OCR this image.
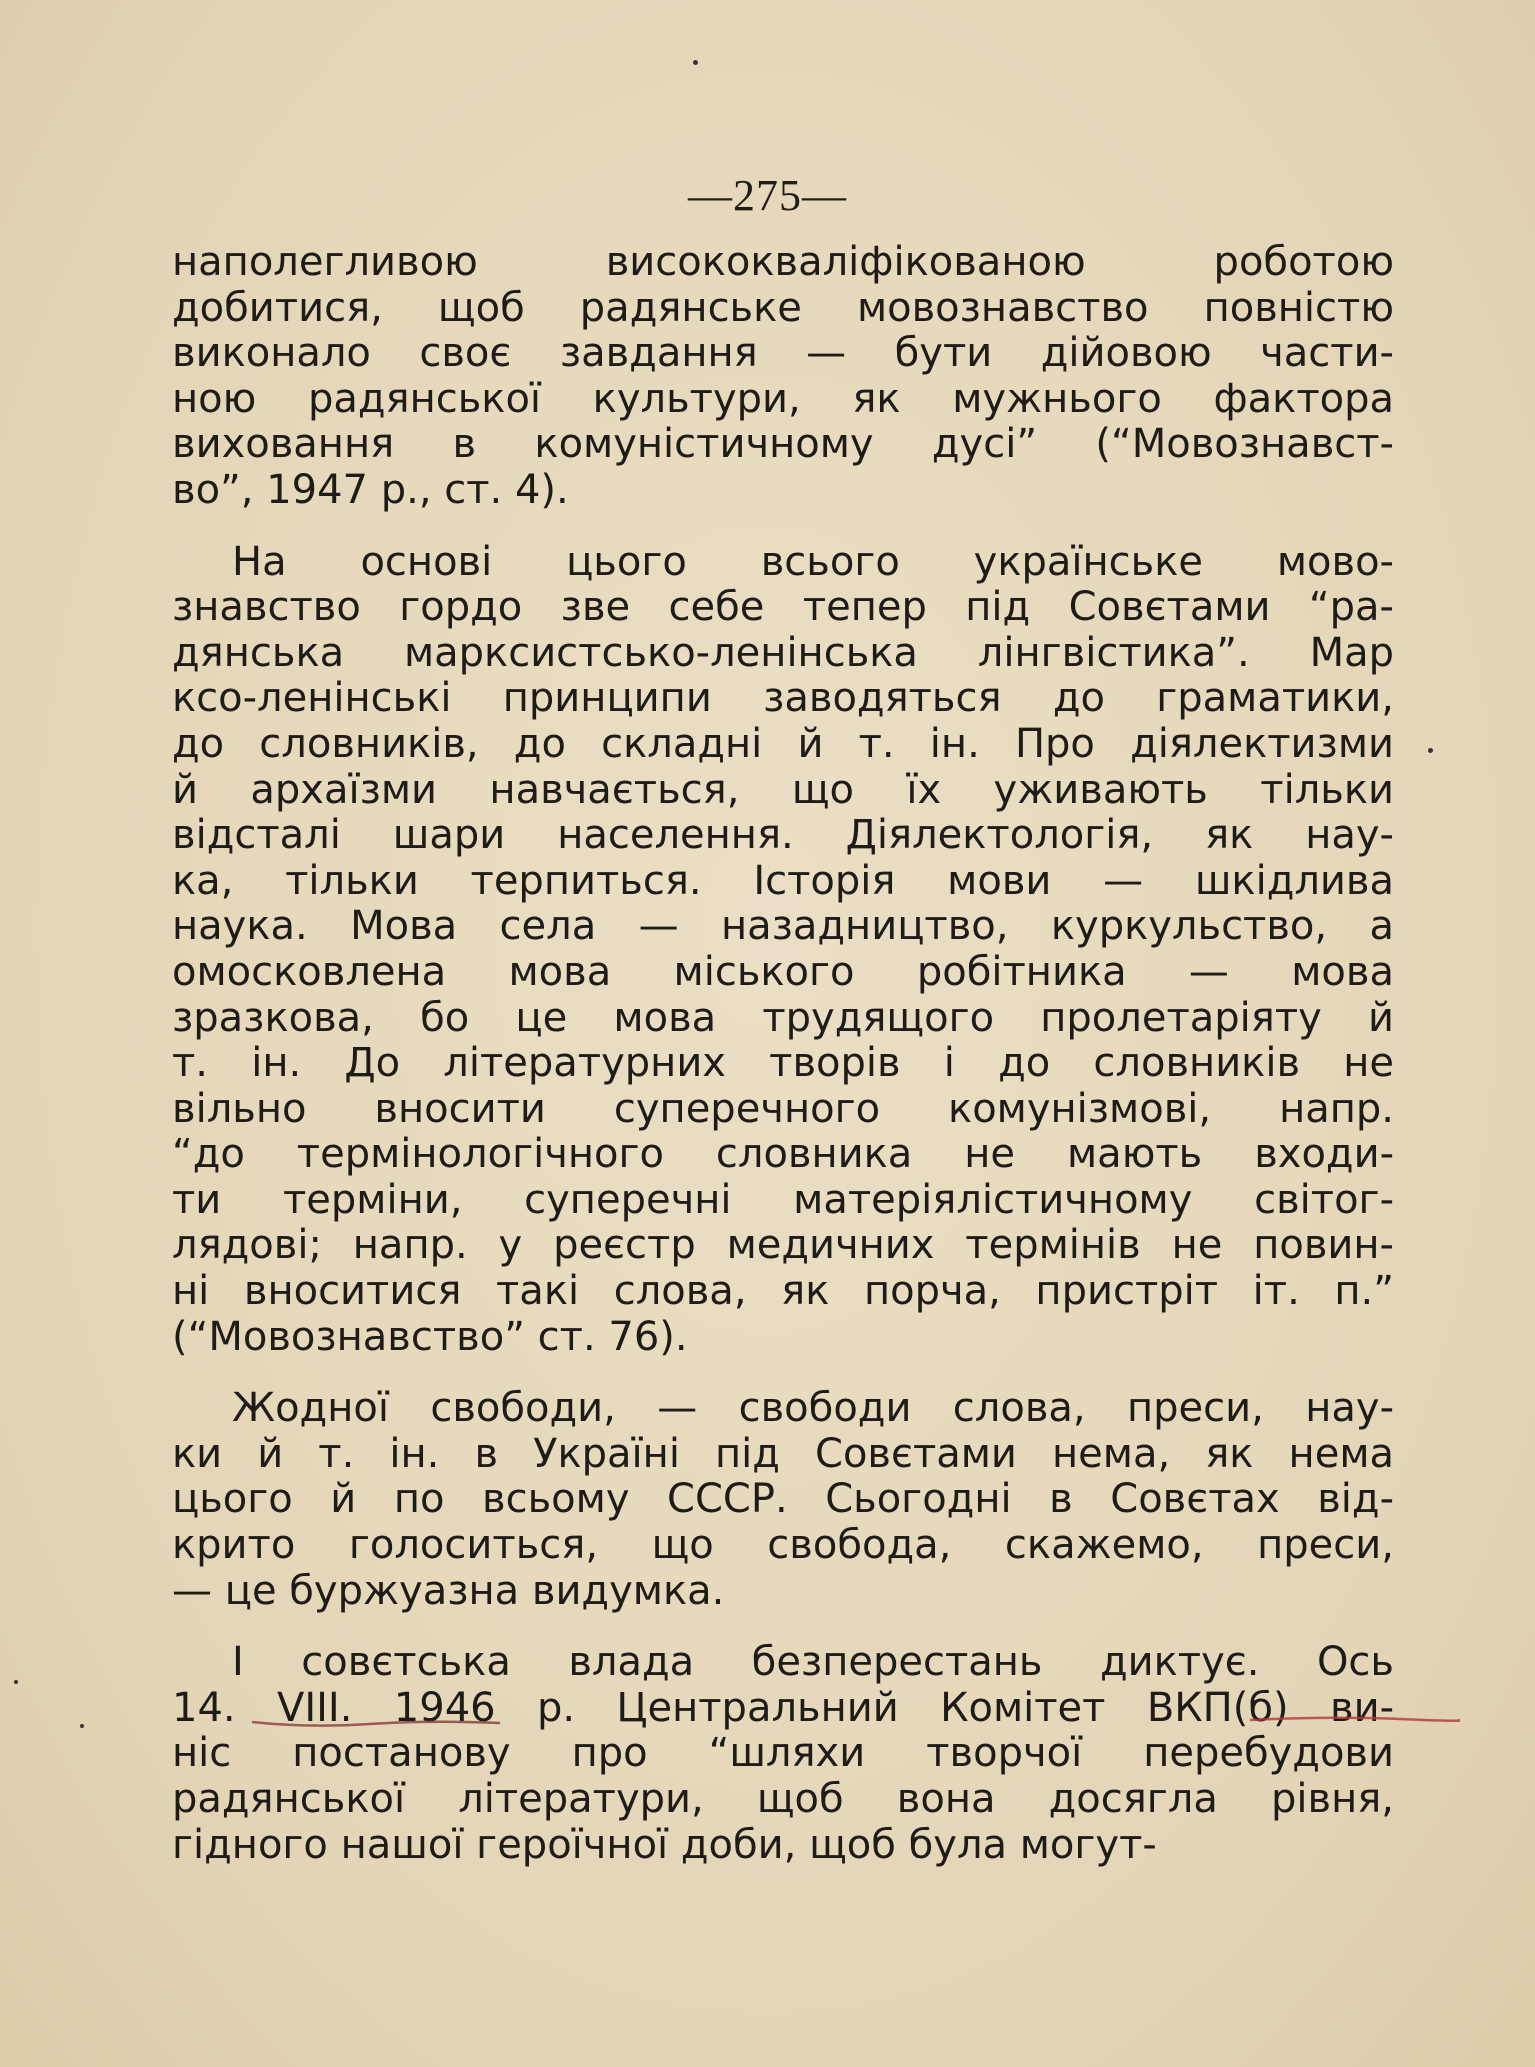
—275—
наполегливою висококваліфікованою роботою
добитися, щоб радянське мовознавство повністю
виконало своє завдання — бути дійовою части-
ною радянської культури, як мужнього фактора
виховання в комуністичному дусі” (“Мовознавст-
во”, 1947 р., ст. 4).
На основі цього всього українське мово-
знавство гордо зве себе тепер під Совєтами “ра-
дянська марксистсько-ленінська лінгвістика”. Мар
ксо-ленінські принципи заводяться до граматики,
до словників, до складні й т. ін. Про діялектизми
й архаїзми навчається, що їх уживають тільки
відсталі шари населення. Діялектологія, як нау-
ка, тільки терпиться. Історія мови — шкідлива
наука. Мова села — назадництво, куркульство, а
омосковлена мова міського робітника — мова
зразкова, бо це мова трудящого пролетаріяту й
т. ін. До літературних творів і до словників не
вільно вносити суперечного комунізмові, напр.
“до термінологічного словника не мають входи-
ти терміни, суперечні матеріялістичному світог-
лядові; напр. у реєстр медичних термінів не повин-
ні вноситися такі слова, як порча, пристріт іт. п.”
(“Мовознавство” ст. 76).
Жодної свободи, — свободи слова, преси, нау-
ки й т. ін. в Україні під Совєтами нема, як нема
цього й по всьому СССР. Сьогодні в Совєтах від-
крито голоситься, що свобода, скажемо, преси,
— це буржуазна видумка.
І совєтська влада безперестань диктує. Ось
14. VIII. 1946 р. Центральний Комітет ВКП(б) ви-
ніс постанову про “шляхи творчої перебудови
радянської літератури, щоб вона досягла рівня,
гідного нашої героїчної доби, щоб була могут-
